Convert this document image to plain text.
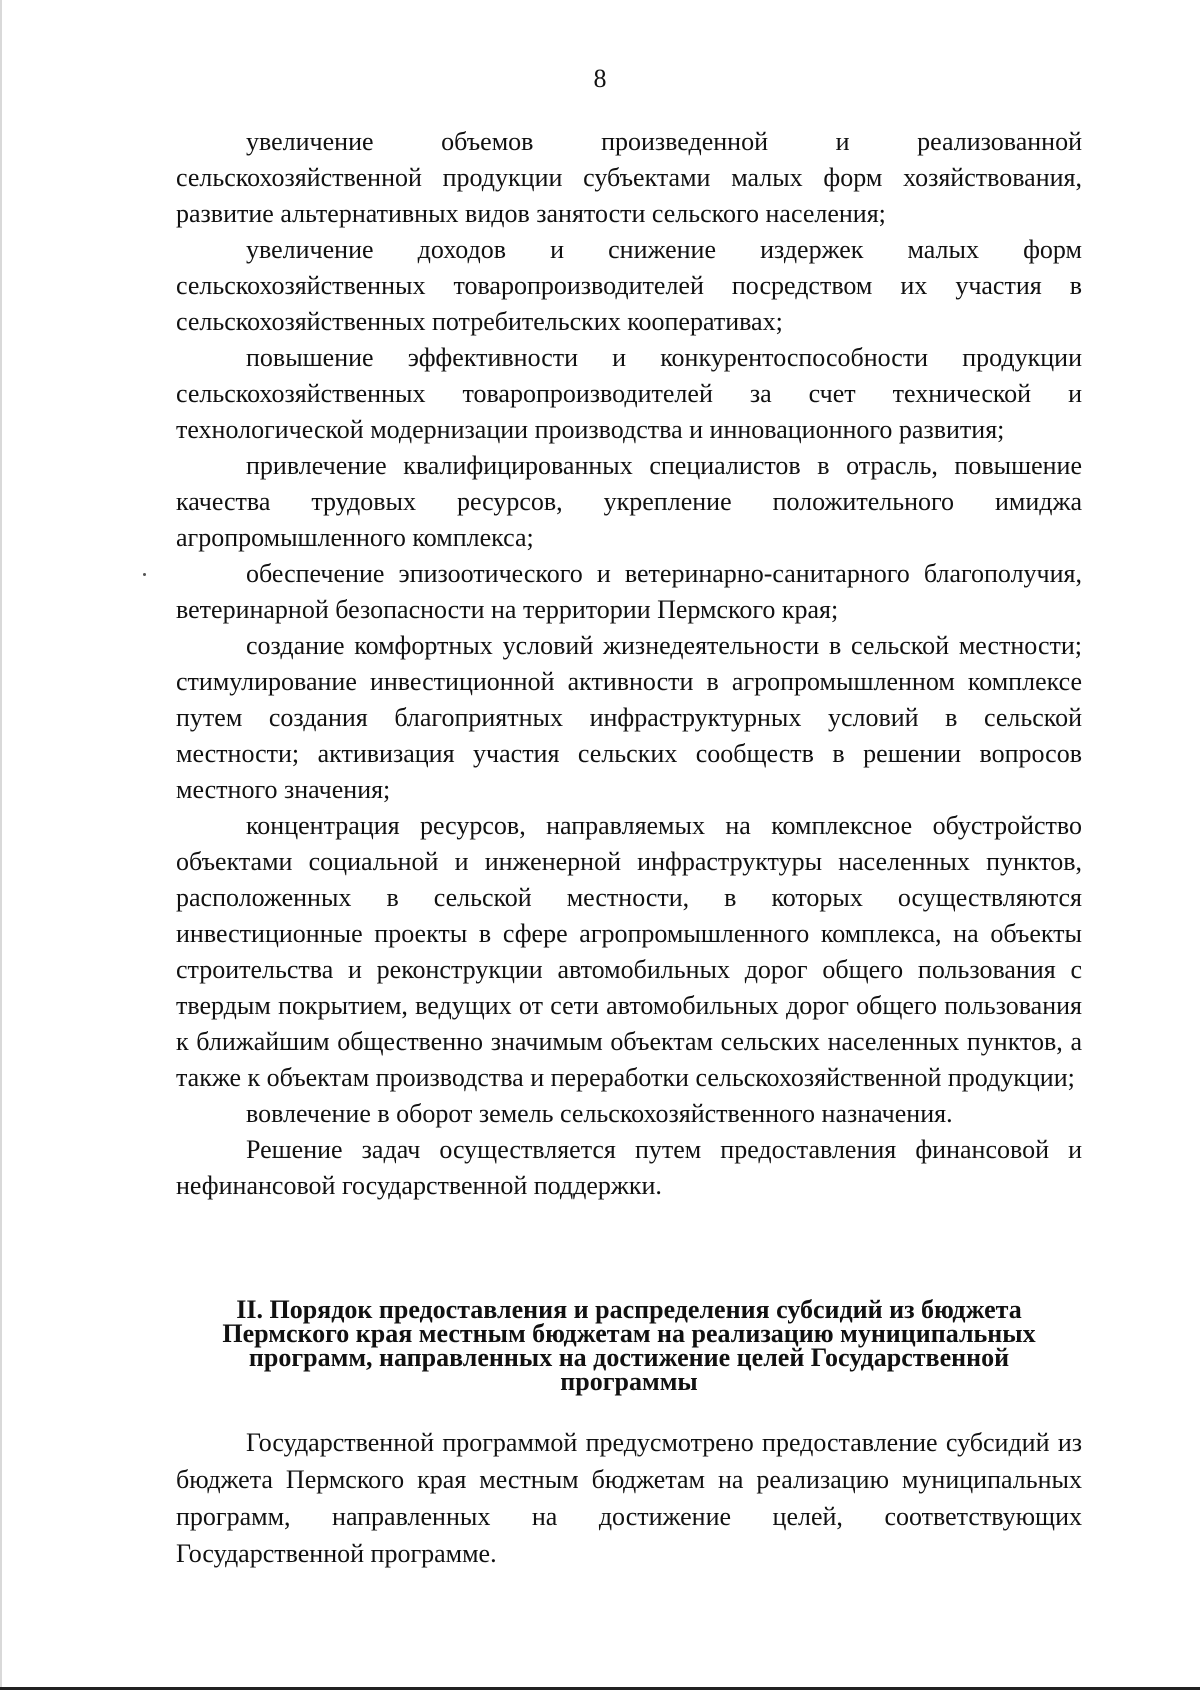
8

увеличение объемов произведенной и реализованной сельскохозяйственной продукции субъектами малых форм хозяйствования, развитие альтернативных видов занятости сельского населения;

увеличение доходов и снижение издержек малых форм сельскохозяйственных товаропроизводителей посредством их участия в сельскохозяйственных потребительских кооперативах;

повышение эффективности и конкурентоспособности продукции сельскохозяйственных товаропроизводителей за счет технической и технологической модернизации производства и инновационного развития;

привлечение квалифицированных специалистов в отрасль, повышение качества трудовых ресурсов, укрепление положительного имиджа агропромышленного комплекса;

обеспечение эпизоотического и ветеринарно-санитарного благополучия, ветеринарной безопасности на территории Пермского края;

создание комфортных условий жизнедеятельности в сельской местности; стимулирование инвестиционной активности в агропромышленном комплексе путем создания благоприятных инфраструктурных условий в сельской местности; активизация участия сельских сообществ в решении вопросов местного значения;

концентрация ресурсов, направляемых на комплексное обустройство объектами социальной и инженерной инфраструктуры населенных пунктов, расположенных в сельской местности, в которых осуществляются инвестиционные проекты в сфере агропромышленного комплекса, на объекты строительства и реконструкции автомобильных дорог общего пользования с твердым покрытием, ведущих от сети автомобильных дорог общего пользования к ближайшим общественно значимым объектам сельских населенных пунктов, а также к объектам производства и переработки сельскохозяйственной продукции;

вовлечение в оборот земель сельскохозяйственного назначения.

Решение задач осуществляется путем предоставления финансовой и нефинансовой государственной поддержки.

II. Порядок предоставления и распределения субсидий из бюджета
Пермского края местным бюджетам на реализацию муниципальных
программ, направленных на достижение целей Государственной
программы

Государственной программой предусмотрено предоставление субсидий из бюджета Пермского края местным бюджетам на реализацию муниципальных программ, направленных на достижение целей, соответствующих Государственной программе.
